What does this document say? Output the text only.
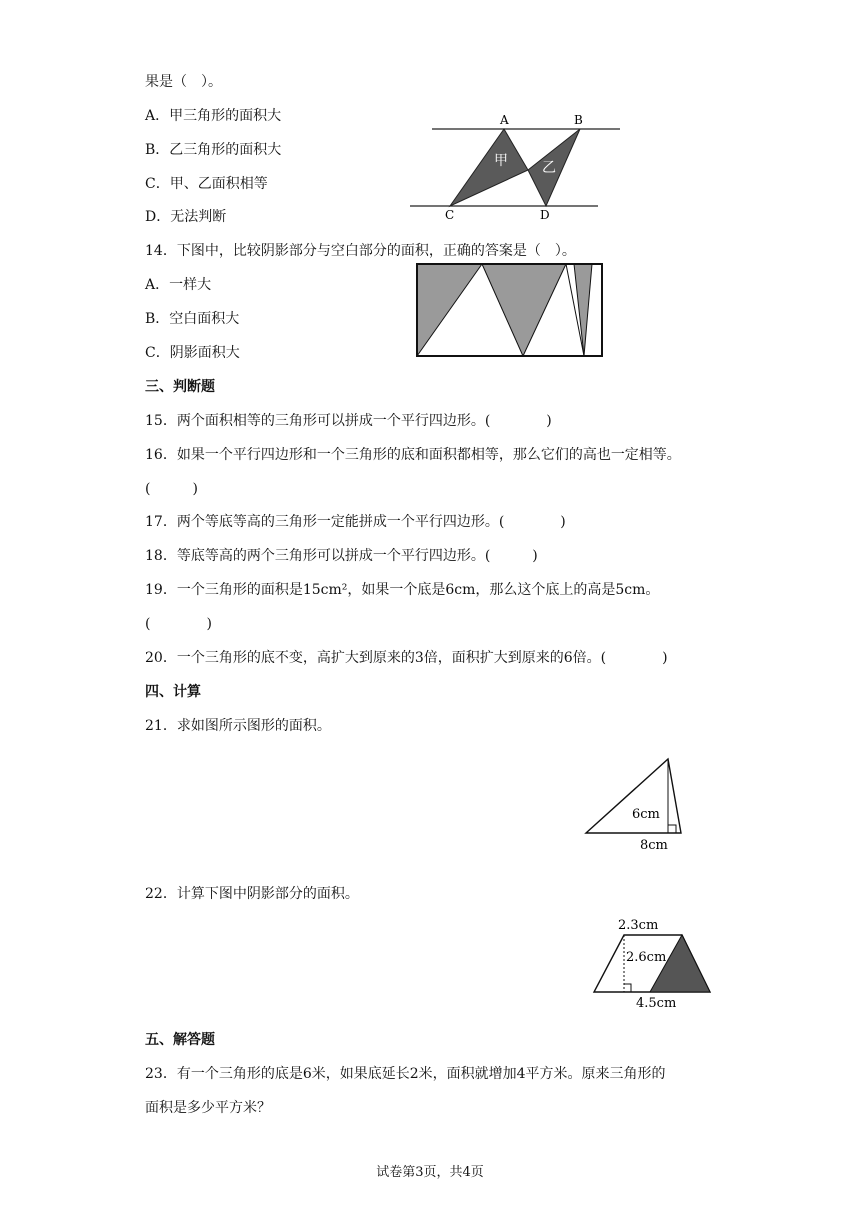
果是（　）。
A．甲三角形的面积大
B．乙三角形的面积大
C．甲、乙面积相等
D．无法判断
A	B
C	D
甲 乙
14．下图中，比较阴影部分与空白部分的面积，正确的答案是（　）。
A．一样大
B．空白面积大
C．阴影面积大
三、判断题
15．两个面积相等的三角形可以拼成一个平行四边形。(　　　　)
16．如果一个平行四边形和一个三角形的底和面积都相等，那么它们的高也一定相等。
(　　　)
17．两个等底等高的三角形一定能拼成一个平行四边形。(　　　　)
18．等底等高的两个三角形可以拼成一个平行四边形。(　　　)
19．一个三角形的面积是15cm²，如果一个底是6cm，那么这个底上的高是5cm。
(　　　　)
20．一个三角形的底不变，高扩大到原来的3倍，面积扩大到原来的6倍。(　　　　)
四、计算
21．求如图所示图形的面积。
6cm
8cm
22．计算下图中阴影部分的面积。
2.3cm
2.6cm
4.5cm
五、解答题
23．有一个三角形的底是6米，如果底延长2米，面积就增加4平方米。原来三角形的
面积是多少平方米？
试卷第3页，共4页
